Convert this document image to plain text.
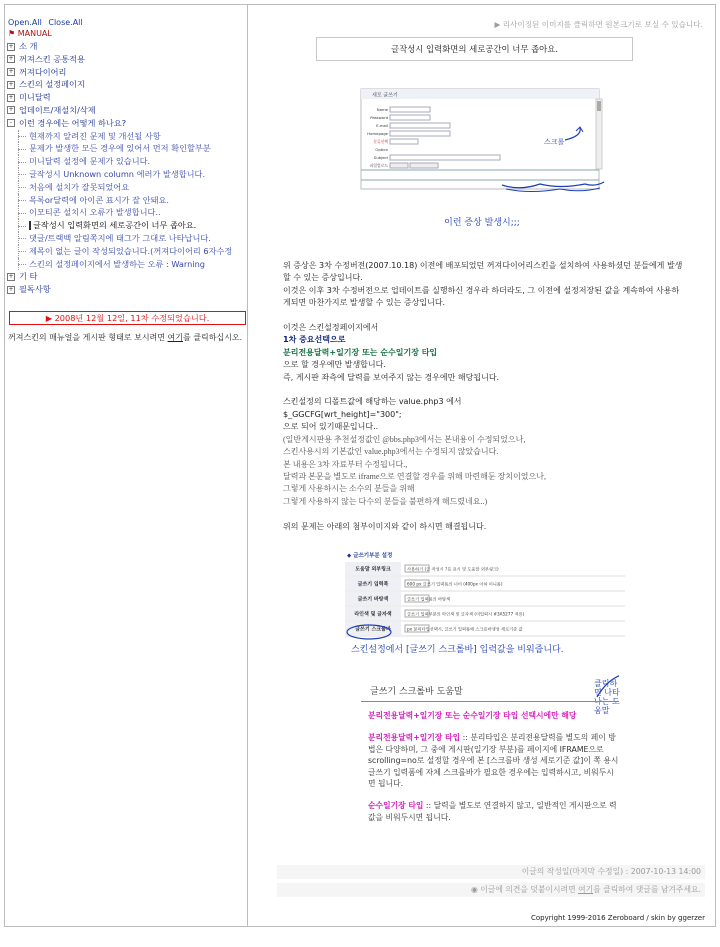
Open.All Close.All
⚑ MANUAL
+ 소 개
+ 꺼져스킨 공통적용
+ 꺼져다이어리
+ 스킨의 설정페이지
+ 미니달력
+ 업데이트/재설치/삭제
- 이런 경우에는 어떻게 하나요?
현재까지 알려진 문제 및 개선될 사항
문제가 발생한 모든 경우에 있어서 먼저 확인할부분
미니달력 설정에 문제가 있습니다.
글작성시 Unknown column 에러가 발생합니다.
처음에 설치가 잘못되었어요
목록or달력에 아이콘 표시가 잘 안돼요.
이모티콘 설치시 오류가 발생합니다..
글작성시 입력화면의 세로공간이 너무 좁아요.
댓글/트랙백 알림쪽지에 태그가 그대로 나타납니다.
제목이 없는 글이 작성되었습니다.(꺼져다이어리 6자수정
스킨의 설정페이지에서 발생하는 오류 : Warning
+ 기 타
+ 필독사항
▶ 2008년 12월 12일, 11차 수정되었습니다.
꺼져스킨의 매뉴얼을 게시판 형태로 보시려면 여기를 클릭하십시오.
▶ 리사이징된 이미지를 클릭하면 원본크기로 보실 수 있습니다.
글작성시 입력화면의 세로공간이 너무 좁아요.
새로 글쓰기
Name
Password
E-mail
Homepage
분류선택
Option
Subject
파일업로드
스크롤
이런 증상 발생시;;;

위 증상은 3차 수정버전(2007.10.18) 이전에 배포되었던 꺼져다이어리스킨을 설치하여 사용하셨던 분들에게 발생할 수 있는 증상입니다.

이것은 이후 3차 수정버전으로 업데이트를 실행하신 경우라 하더라도, 그 이전에 설정저장된 값을 계속하여 사용하게되면 마찬가지로 발생할 수 있는 증상입니다.

이것은 스킨설정페이지에서

1차 중요선택으로

분리전용달력+일기장 또는 순수일기장 타입

으로 할 경우에만 발생합니다.

즉, 게시판 좌측에 달력를 보여주지 않는 경우에만 해당됩니다.

스킨설정의 디폴트값에 해당하는 value.php3 에서

$_GGCFG[wrt_height]="300";

으로 되어 있기때문입니다..

(일반게시판용 추천설정값인 @bbs.php3에서는 본내용이 수정되었으나,

스킨사용시의 기본값인 value.php3에서는 수정되지 않았습니다.

본 내용은 3차 자료부터 수정됩니다.,

달력과 본문을 별도로 iframe으로 연결할 경우를 위해 마련해둔 장치이었으나,

그렇게 사용하시는 소수의 분들을 위해

그렇게 사용하지 않는 다수의 분들을 불편하게 해드렸네요..)

위의 문제는 아래의 첨부이미지와 같이 하시면 해결됩니다.

◆ 글쓰기부분 설정
도움말 외부링크	사용하기 (글 작성시 ?를 표시 및 도움말 외부링크)
글쓰기 입력폭	600 px 글쓰기 입력폼의 너비 (400px 이하 미니폼)
글쓰기 바탕색	글쓰기 입력폼의 바탕색
라인색 및 글자색	글쓰기 입력부분의 라인색 및 글자색 (미입력시 #3A5277 적용)
글쓰기 스크롤바	px 분리타입선택시, 글쓰기 입력폼에 스크롤바생성 세로기준 값
스킨설정에서 [글쓰기 스크롤바] 입력값을 비워줍니다.
글쓰기 스크롤바 도움말
클릭하면 나타나는 도움말
분리전용달력+일기장 또는 순수일기장 타입 선택시에만 해당
분리전용달력+일기장 타입 :: 분리타입은 분리전용달력를 별도의 페이 방법은 다양하며, 그 중에 게시판(일기장 부분)를 페이지에 IFRAME으로 scrolling=no로 설정할 경우에 본 [스크롤바 생성 세로기준 값]이 쪽 용시 글쓰기 입력폼에 자체 스크롤바가 필요한 경우에는 입력하시고, 비워두시면 됩니다.
순수일기장 타입 :: 달력을 별도로 연결하지 않고, 일반적인 게시판으로 력값을 비워두시면 됩니다.
이글의 작성일(마지막 수정일) : 2007-10-13 14:00
◉ 이글에 의견을 덧붙이시려면 여기를 클릭하여 댓글를 남겨주세요.
Copyright 1999-2016 Zeroboard / skin by ggerzer
